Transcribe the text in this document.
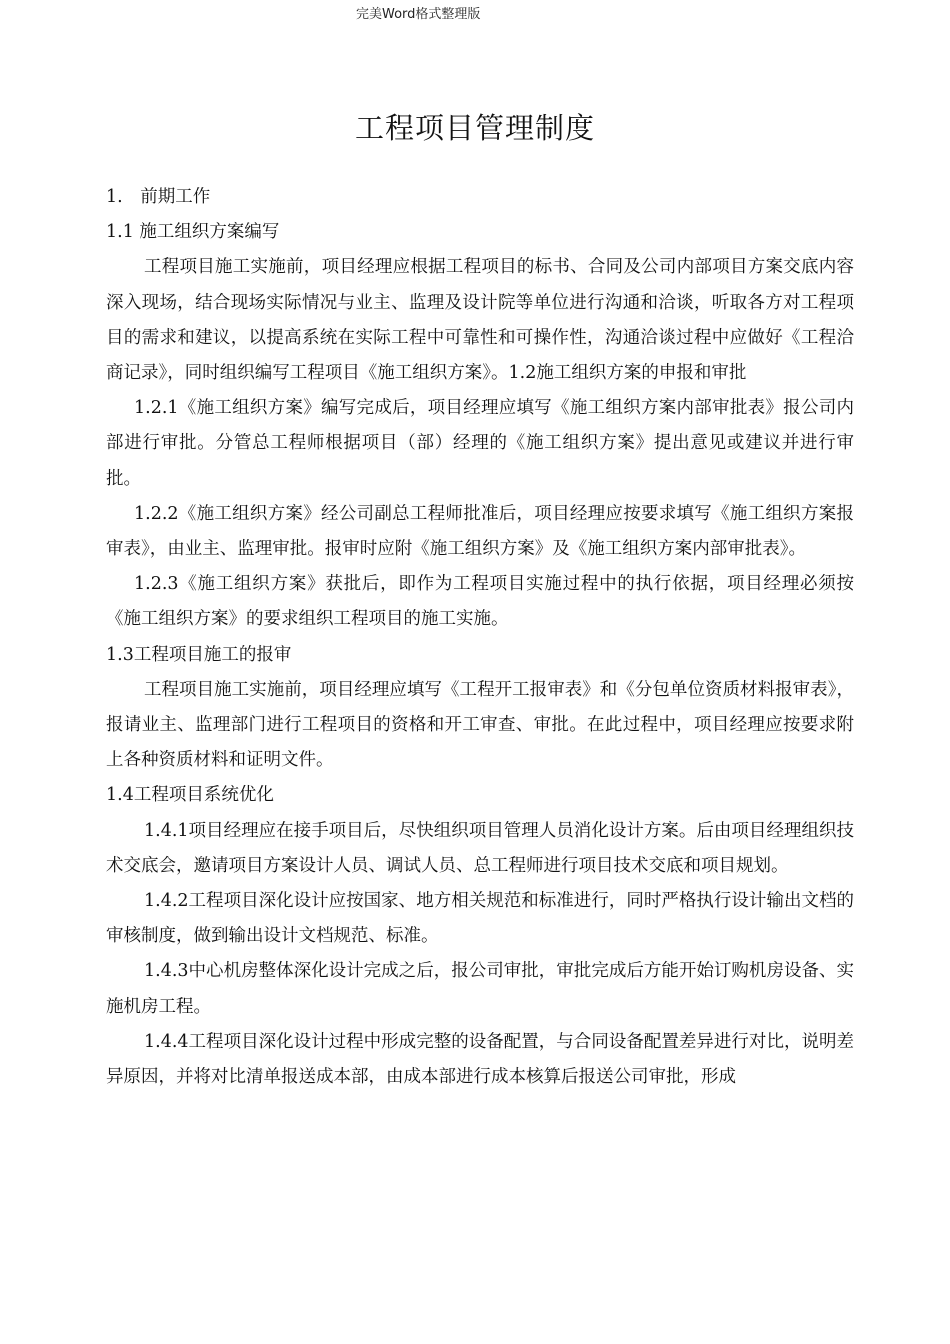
完美Word格式整理版
工程项目管理制度

1.　前期工作

1.1 施工组织方案编写

工程项目施工实施前，项目经理应根据工程项目的标书、合同及公司内部项目方案交底内容深入现场，结合现场实际情况与业主、监理及设计院等单位进行沟通和洽谈，听取各方对工程项目的需求和建议，以提高系统在实际工程中可靠性和可操作性，沟通洽谈过程中应做好《工程洽商记录》，同时组织编写工程项目《施工组织方案》。1.2施工组织方案的申报和审批

1.2.1《施工组织方案》编写完成后，项目经理应填写《施工组织方案内部审批表》报公司内部进行审批。分管总工程师根据项目（部）经理的《施工组织方案》提出意见或建议并进行审批。

1.2.2《施工组织方案》经公司副总工程师批准后，项目经理应按要求填写《施工组织方案报审表》，由业主、监理审批。报审时应附《施工组织方案》及《施工组织方案内部审批表》。

1.2.3《施工组织方案》获批后，即作为工程项目实施过程中的执行依据，项目经理必须按《施工组织方案》的要求组织工程项目的施工实施。

1.3工程项目施工的报审

工程项目施工实施前，项目经理应填写《工程开工报审表》和《分包单位资质材料报审表》，报请业主、监理部门进行工程项目的资格和开工审查、审批。在此过程中，项目经理应按要求附上各种资质材料和证明文件。

1.4工程项目系统优化

1.4.1项目经理应在接手项目后，尽快组织项目管理人员消化设计方案。后由项目经理组织技术交底会，邀请项目方案设计人员、调试人员、总工程师进行项目技术交底和项目规划。

1.4.2工程项目深化设计应按国家、地方相关规范和标准进行，同时严格执行设计输出文档的审核制度，做到输出设计文档规范、标准。

1.4.3中心机房整体深化设计完成之后，报公司审批，审批完成后方能开始订购机房设备、实施机房工程。

1.4.4工程项目深化设计过程中形成完整的设备配置，与合同设备配置差异进行对比，说明差异原因，并将对比清单报送成本部，由成本部进行成本核算后报送公司审批，形成
